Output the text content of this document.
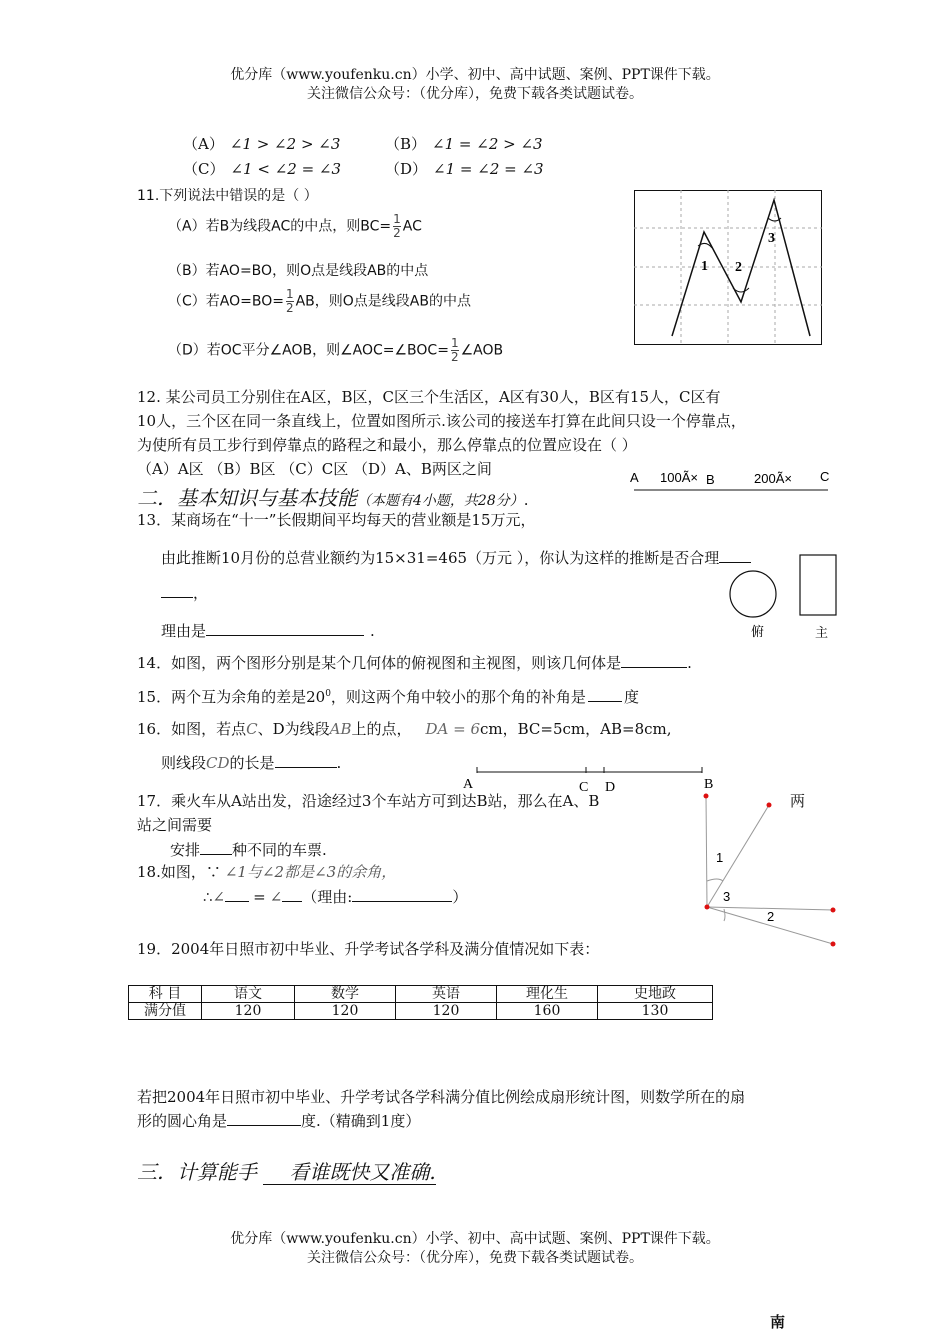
优分库（www.youfenku.cn）小学、初中、高中试题、案例、PPT课件下载。
关注微信公众号：（优分库），免费下载各类试题试卷。
（A） ∠1 > ∠2 > ∠3	（B） ∠1 = ∠2 > ∠3
（C） ∠1 < ∠2 = ∠3	（D） ∠1 = ∠2 = ∠3
11.下列说法中错误的是（ ）
（A）若B为线段AC的中点，则$BC= \frac{1}{2}$ AC
（B）若AO=BO，则O点是线段AB的中点
（C）若$AO=BO= \frac{1}{2}$ AB，则O点是线段AB的中点
（D）若OC平分∠AOB，则∠AOC=∠BOC= $\frac{1}{2}$ ∠AOB
1 2
3
12. 某公司员工分别住在A区，B区，C区三个生活区，A区有30人，B区有15人，C区有
10人，三个区在同一条直线上，位置如图所示.该公司的接送车打算在此间只设一个停靠点，
为使所有员工步行到停靠点的路程之和最小，那么停靠点的位置应设在（ ）
（A）A区 （B）B区 （C）C区 （D）A、B两区之间	A 100Ã× B	200Ã× C
二．基本知识与基本技能（本题有4小题，共28分）.
13．某商场在“十一”长假期间平均每天的营业额是15万元，
由此推断10月份的总营业额约为15×31=465（万元 ），你认为这样的推断是否合理
，
理由是	.	俯	主
14．如图，两个图形分别是某个几何体的俯视图和主视图，则该几何体是	.
15．两个互为余角的差是$20^0$，则这两个角中较小的那个角的补角是	度
16．如图，若点C、D为线段AB上的点， DA = 6cm，BC=5cm，AB=8cm,
则线段CD的长是	.
A	C D	B
17．乘火车从A站出发，沿途经过3个车站方可到达B站，那么在A、B	两
站之间需要
安排 种不同的车票.
18.如图，∵ ∠1与∠2都是∠3的余角，
∴∠ = ∠ （理由:	）
1
3
2
19．2004年日照市初中毕业、升学考试各学科及满分值情况如下表：
科 目	语文	数学	英语	理化生	史地政
满分值	120	120	120	160	130
若把2004年日照市初中毕业、升学考试各学科满分值比例绘成扇形统计图，则数学所在的扇
形的圆心角是	度.（精确到1度）
三．计算能手 看谁既快又准确.
优分库（www.youfenku.cn）小学、初中、高中试题、案例、PPT课件下载。
关注微信公众号：（优分库），免费下载各类试题试卷。
南
